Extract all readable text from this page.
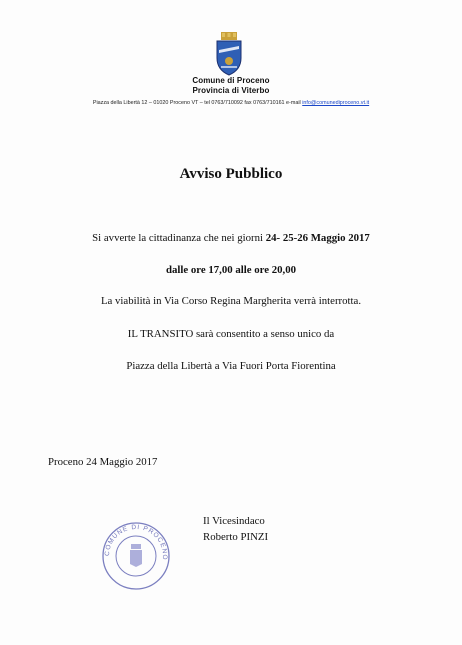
Comune di Proceno
Provincia di Viterbo
Piazza della Libertà 12 – 01020 Proceno VT – tel 0763/710092 fax 0763/710161 e-mail info@comunediproceno.vt.it
Avviso Pubblico
Si avverte la cittadinanza che nei giorni 24- 25-26 Maggio 2017
dalle ore 17,00 alle ore 20,00
La viabilità in Via Corso Regina Margherita verrà interrotta.
IL TRANSITO sarà consentito a senso unico da
Piazza della Libertà a Via Fuori Porta Fiorentina
Proceno 24 Maggio 2017
Il Vicesindaco
Roberto PINZI
COMUNE DI PROCENO
